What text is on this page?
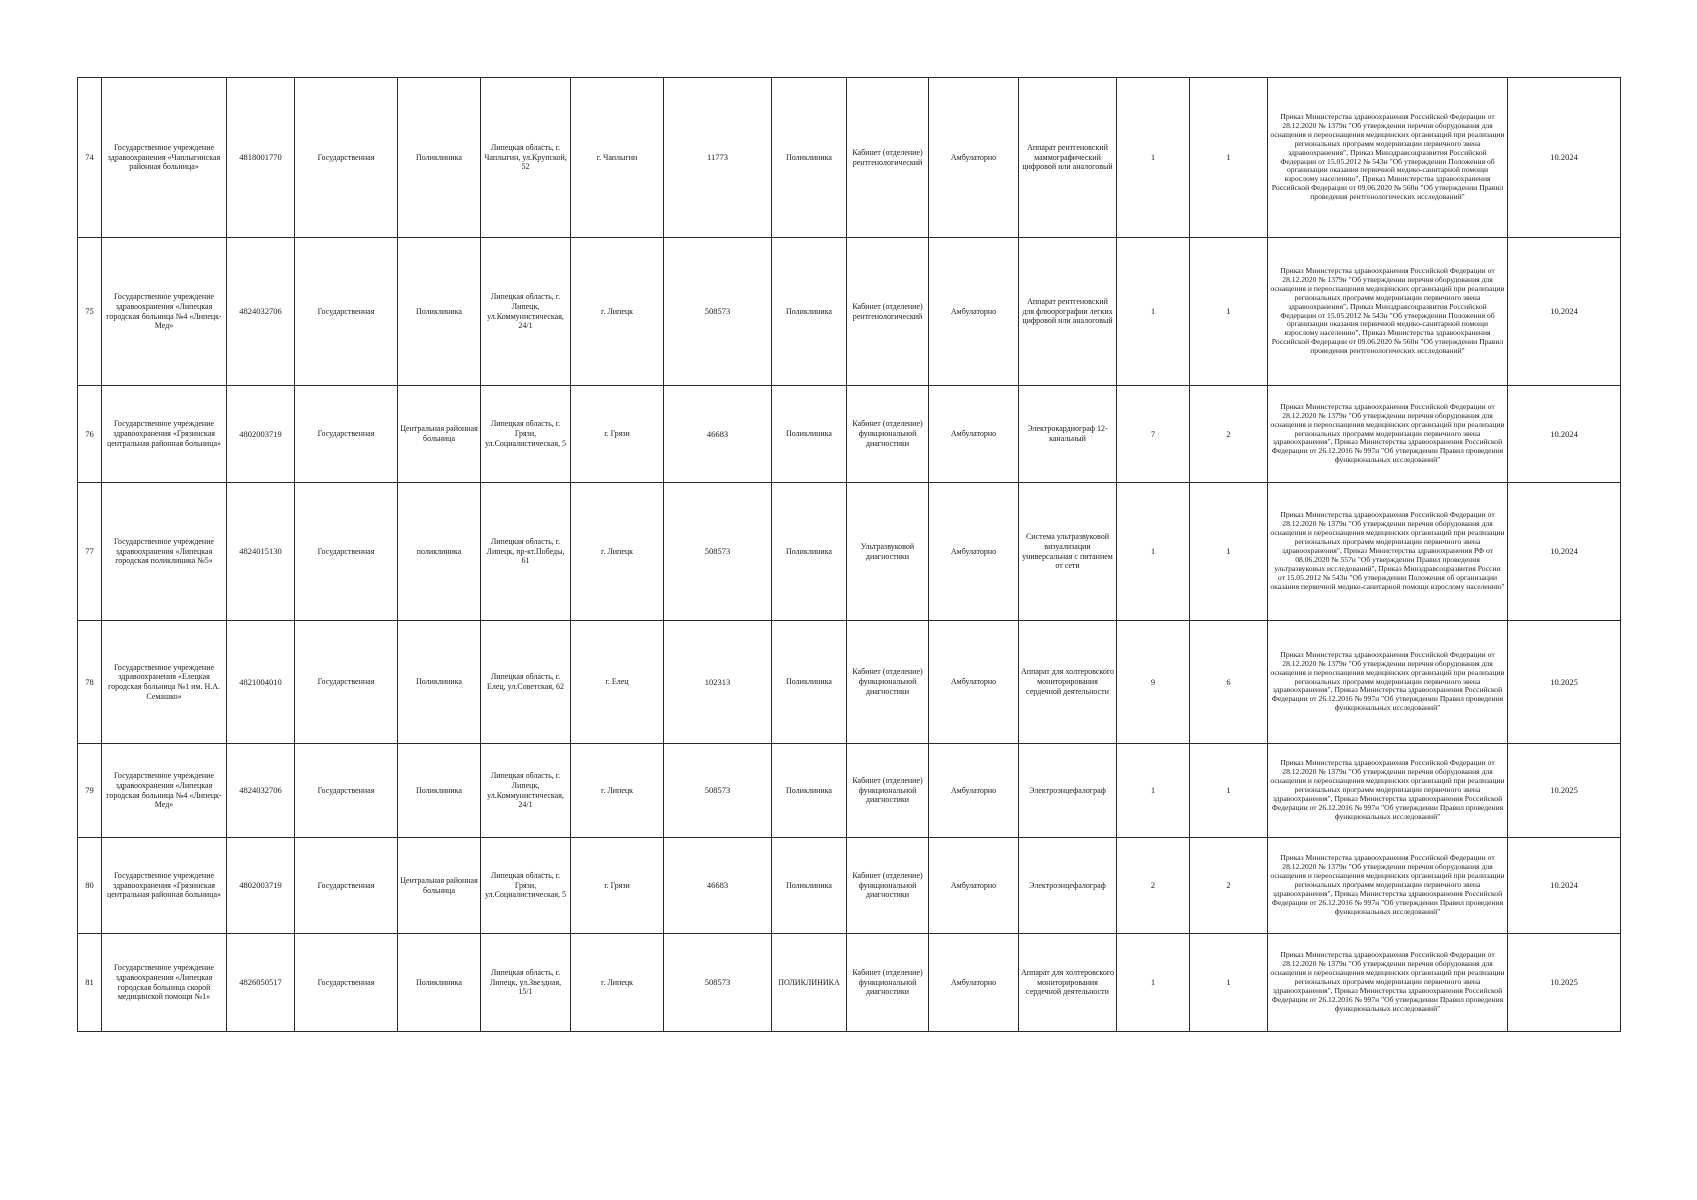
74	Государственное учреждение здравоохранения «Чаплыгинская районная больница»	4818001770	Государственная	Поликлиника	Липецкая область, г. Чаплыгин, ул.Крупской, 52	г. Чаплыгин	11773	Поликлиника	Кабинет (отделение) рентгенологический	Амбулаторно	Аппарат рентгеновский маммографический цифровой или аналоговый	1	1	Приказ Министерства здравоохранения Российской Федерации от 28.12.2020 № 1379н "Об утверждении перечня оборудования для оснащения и переоснащения медицинских организаций при реализации региональных программ модернизации первичного звена здравоохранения", Приказ Минздравсоцразвития Российской Федерации от 15.05.2012 № 543н "Об утверждении Положения об организации оказания первичной медико-санитарной помощи взрослому населению", Приказ Министерства здравоохранения Российской Федерации от 09.06.2020 № 560н "Об утверждении Правил проведения рентгенологических исследований"	10.2024
75	Государственное учреждение здравоохранения «Липецкая городская больница №4 «Липецк-Мед»	4824032706	Государственная	Поликлиника	Липецкая область, г. Липецк, ул.Коммунистическая, 24/1	г. Липецк	508573	Поликлиника	Кабинет (отделение) рентгенологический	Амбулаторно	Аппарат рентгеновский для флюорографии легких цифровой или аналоговый	1	1	Приказ Министерства здравоохранения Российской Федерации от 28.12.2020 № 1379н "Об утверждении перечня оборудования для оснащения и переоснащения медицинских организаций при реализации региональных программ модернизации первичного звена здравоохранения", Приказ Минздравсоцразвития Российской Федерации от 15.05.2012 № 543н "Об утверждении Положения об организации оказания первичной медико-санитарной помощи взрослому населению", Приказ Министерства здравоохранения Российской Федерации от 09.06.2020 № 560н "Об утверждении Правил проведения рентгенологических исследований"	10.2024
76	Государственное учреждение здравоохранения «Грязинская центральная районная больница»	4802003719	Государственная	Центральная районная больница	Липецкая область, г. Грязи, ул.Социалистическая, 5	г. Грязи	46683	Поликлиника	Кабинет (отделение) функциональной диагностики	Амбулаторно	Электрокардиограф 12-канальный	7	2	Приказ Министерства здравоохранения Российской Федерации от 28.12.2020 № 1379н "Об утверждении перечня оборудования для оснащения и переоснащения медицинских организаций при реализации региональных программ модернизации первичного звена здравоохранения", Приказ Министерства здравоохранения Российской Федерации от 26.12.2016 № 997н "Об утверждении Правил проведения функциональных исследований"	10.2024
77	Государственное учреждение здравоохранения «Липецкая городская поликлиника №5»	4824015130	Государственная	поликлиника	Липецкая область, г. Липецк, пр-кт.Победы, 61	г. Липецк	508573	Поликлиника	Ультразвуковой диагностики	Амбулаторно	Система ультразвуковой визуализации универсальная с питанием от сети	1	1	Приказ Министерства здравоохранения Российской Федерации от 28.12.2020 № 1379н "Об утверждении перечня оборудования для оснащения и переоснащения медицинских организаций при реализации региональных программ модернизации первичного звена здравоохранения", Приказ Министерства здравоохранения РФ от 08.06.2020 № 557н "Об утверждении Правил проведения ультразвуковых исследований", Приказ Минздравсоцразвития России от 15.05.2012 № 543н "Об утверждении Положения об организации оказания первичной медико-санитарной помощи взрослому населению"	10.2024
78	Государственное учреждение здравоохранения «Елецкая городская больница №1 им. Н.А. Семашко»	4821004010	Государственная	Поликлиника	Липецкая область, г. Елец, ул.Советская, 62	г. Елец	102313	Поликлиника	Кабинет (отделение) функциональной диагностики	Амбулаторно	Аппарат для холтеровского мониторирования сердечной деятельности	9	6	Приказ Министерства здравоохранения Российской Федерации от 28.12.2020 № 1379н "Об утверждении перечня оборудования для оснащения и переоснащения медицинских организаций при реализации региональных программ модернизации первичного звена здравоохранения", Приказ Министерства здравоохранения Российской Федерации от 26.12.2016 № 997н "Об утверждении Правил проведения функциональных исследований"	10.2025
79	Государственное учреждение здравоохранения «Липецкая городская больница №4 «Липецк-Мед»	4824032706	Государственная	Поликлиника	Липецкая область, г. Липецк, ул.Коммунистическая, 24/1	г. Липецк	508573	Поликлиника	Кабинет (отделение) функциональной диагностики	Амбулаторно	Электроэнцефалограф	1	1	Приказ Министерства здравоохранения Российской Федерации от 28.12.2020 № 1379н "Об утверждении перечня оборудования для оснащения и переоснащения медицинских организаций при реализации региональных программ модернизации первичного звена здравоохранения", Приказ Министерства здравоохранения Российской Федерации от 26.12.2016 № 997н "Об утверждении Правил проведения функциональных исследований"	10.2025
80	Государственное учреждение здравоохранения «Грязинская центральная районная больница»	4802003719	Государственная	Центральная районная больница	Липецкая область, г. Грязи, ул.Социалистическая, 5	г. Грязи	46683	Поликлиника	Кабинет (отделение) функциональной диагностики	Амбулаторно	Электроэнцефалограф	2	2	Приказ Министерства здравоохранения Российской Федерации от 28.12.2020 № 1379н "Об утверждении перечня оборудования для оснащения и переоснащения медицинских организаций при реализации региональных программ модернизации первичного звена здравоохранения", Приказ Министерства здравоохранения Российской Федерации от 26.12.2016 № 997н "Об утверждении Правил проведения функциональных исследований"	10.2024
81	Государственное учреждение здравоохранения «Липецкая городская больница скорой медицинской помощи №1»	4826050517	Государственная	Поликлиника	Липецкая область, г. Липецк, ул.Звездная, 15/1	г. Липецк	508573	ПОЛИКЛИНИКА	Кабинет (отделение) функциональной диагностики	Амбулаторно	Аппарат для холтеровского мониторирования сердечной деятельности	1	1	Приказ Министерства здравоохранения Российской Федерации от 28.12.2020 № 1379н "Об утверждении перечня оборудования для оснащения и переоснащения медицинских организаций при реализации региональных программ модернизации первичного звена здравоохранения", Приказ Министерства здравоохранения Российской Федерации от 26.12.2016 № 997н "Об утверждении Правил проведения функциональных исследований"	10.2025
